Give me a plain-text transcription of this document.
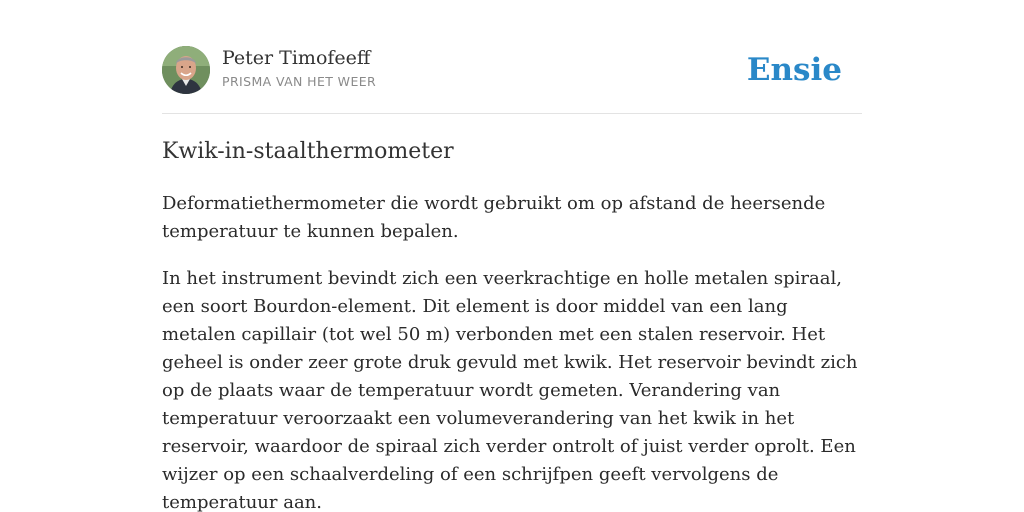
Peter Timofeeff
PRISMA VAN HET WEER	Ensie
Kwik-in-staalthermometer

Deformatiethermometer die wordt gebruikt om op afstand de heersende temperatuur te kunnen bepalen.

In het instrument bevindt zich een veerkrachtige en holle metalen spiraal, een soort Bourdon-element. Dit element is door middel van een lang metalen capillair (tot wel 50 m) verbonden met een stalen reservoir. Het geheel is onder zeer grote druk gevuld met kwik. Het reservoir bevindt zich op de plaats waar de temperatuur wordt gemeten. Verandering van temperatuur veroorzaakt een volumeverandering van het kwik in het reservoir, waardoor de spiraal zich verder ontrolt of juist verder oprolt. Een wijzer op een schaalverdeling of een schrijfpen geeft vervolgens de temperatuur aan.
